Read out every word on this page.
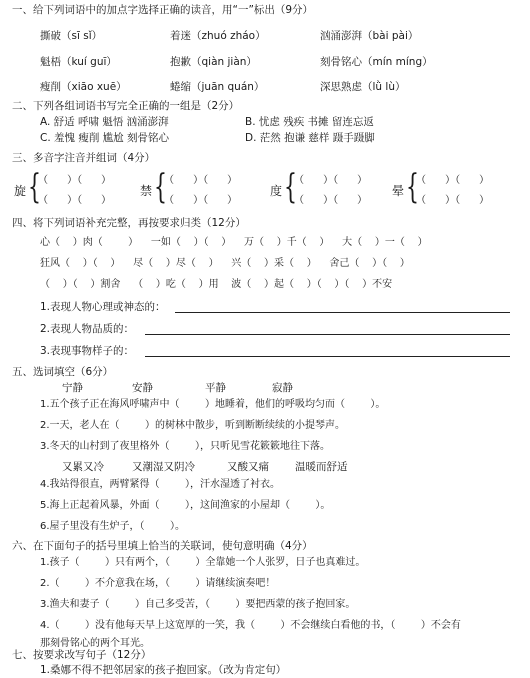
一、给下列词语中的加点字选择正确的读音，用“一”标出（9分）
撕破（sī sǐ）	着迷（zhuó zháo）	汹涌澎湃（bài pài）
魁梧（kuí guī）	抱歉（qiàn jiàn）	刻骨铭心（mín míng）
瘦削（xiāo xuē）	蜷缩（juān quán）	深思熟虑（lǜ lù）
二、下列各组词语书写完全正确的一组是（2分）
A. 舒适 呼啸 魁悟 汹涌澎湃	B. 忧虑 残疾 书摊 留连忘返
C. 羞愧 瘦削 尴尬 刻骨铭心	D. 茫然 抱谦 慈样 蹑手蹑脚
三、多音字注音并组词（4分）
旋 {
（      ）（      ）
（      ）（      ）
禁 {
（      ）（      ）
（      ）（      ）
度 {
（      ）（      ）
（      ）（      ）
晕 {
（      ）（      ）
（      ）（      ）
四、将下列词语补充完整，再按要求归类（12分）
心（    ）肉（        ）    一如（    ）（    ）    万（    ）千（    ）    大（    ）一（    ）
狂风（    ）（    ）    尽（    ）尽（    ）    兴（    ）采（    ）    舍己（    ）（    ）
（    ）（    ）割舍    （    ）吃（    ）用    波（    ）起（    ）（    ）（    ）不安
1.表现人物心理或神态的：
2.表现人物品质的：
3.表现事物样子的：
五、选词填空（6分）
宁静	安静	平静	寂静
1.五个孩子正在海风呼啸声中（        ）地睡着，他们的呼吸均匀而（        ）。
2.一天，老人在（        ）的树林中散步，听到断断续续的小提琴声。
3.冬天的山村到了夜里格外（        ），只听见雪花簌簌地往下落。
又累又冷	又潮湿又阴冷	又酸又痛 温暖而舒适
4.我站得很直，两臂紧得（        ），汗水湿透了衬衣。
5.海上正起着风暴，外面（        ），这间渔家的小屋却（        ）。
6.屋子里没有生炉子，（        ）。
六、在下面句子的括号里填上恰当的关联词，使句意明确（4分）
1.孩子（        ）只有两个，（        ）全靠她一个人张罗，日子也真难过。
2.（        ）不介意我在场，（        ）请继续演奏吧！
3.渔夫和妻子（        ）自己多受苦，（        ）要把西蒙的孩子抱回家。
4.（        ）没有他每天早上这宽厚的一笑，我（        ）不会继续白看他的书，（        ）不会有
那刻骨铭心的两个耳光。
七、按要求改写句子（12分）
1.桑娜不得不把邻居家的孩子抱回家。（改为肯定句）
